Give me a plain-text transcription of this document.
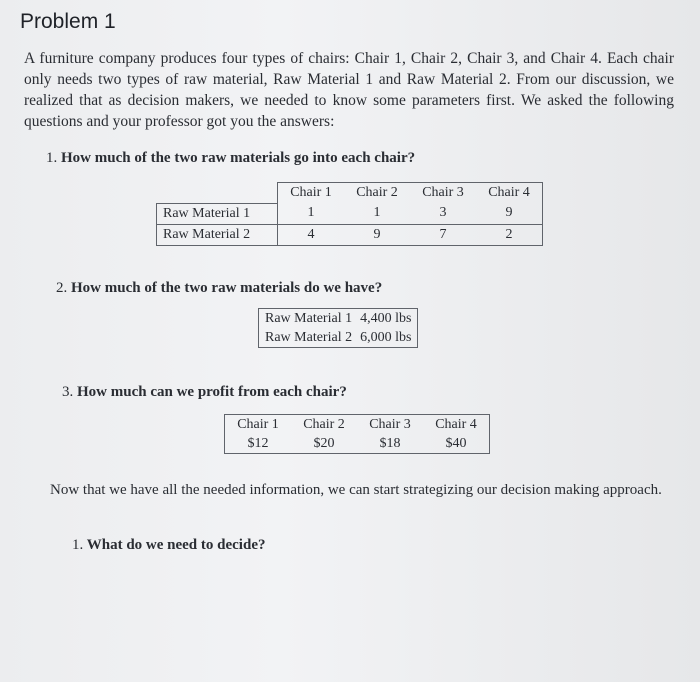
Problem 1
A furniture company produces four types of chairs: Chair 1, Chair 2, Chair 3, and Chair 4. Each chair only needs two types of raw material, Raw Material 1 and Raw Material 2. From our discussion, we realized that as decision makers, we needed to know some parameters first. We asked the following questions and your professor got you the answers:
1. How much of the two raw materials go into each chair?
	Chair 1	Chair 2	Chair 3	Chair 4
Raw Material 1	1	1	3	9
Raw Material 2	4	9	7	2
2. How much of the two raw materials do we have?
Raw Material 1	4,400 lbs
Raw Material 2	6,000 lbs
3. How much can we profit from each chair?
Chair 1	Chair 2	Chair 3	Chair 4
$12	$20	$18	$40
Now that we have all the needed information, we can start strategizing our decision making approach.
1. What do we need to decide?
